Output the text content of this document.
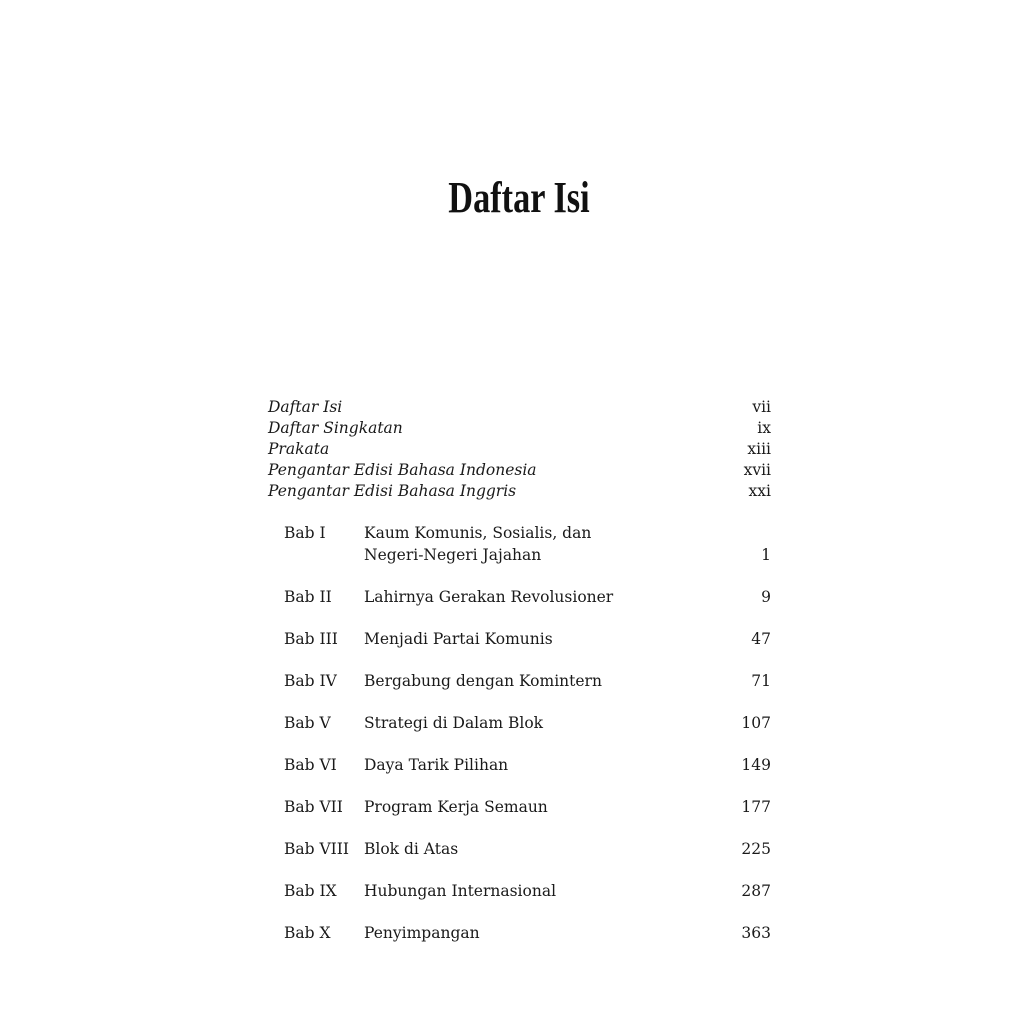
Daftar Isi
Daftar Isi	vii
Daftar Singkatan	ix
Prakata	xiii
Pengantar Edisi Bahasa Indonesia	xvii
Pengantar Edisi Bahasa Inggris	xxi
Bab I Kaum Komunis, Sosialis, dan
Negeri-Negeri Jajahan	1
Bab II Lahirnya Gerakan Revolusioner	9
Bab III Menjadi Partai Komunis	47
Bab IV Bergabung dengan Komintern	71
Bab V Strategi di Dalam Blok	107
Bab VI Daya Tarik Pilihan	149
Bab VII Program Kerja Semaun	177
Bab VIII Blok di Atas	225
Bab IX Hubungan Internasional	287
Bab X Penyimpangan	363
